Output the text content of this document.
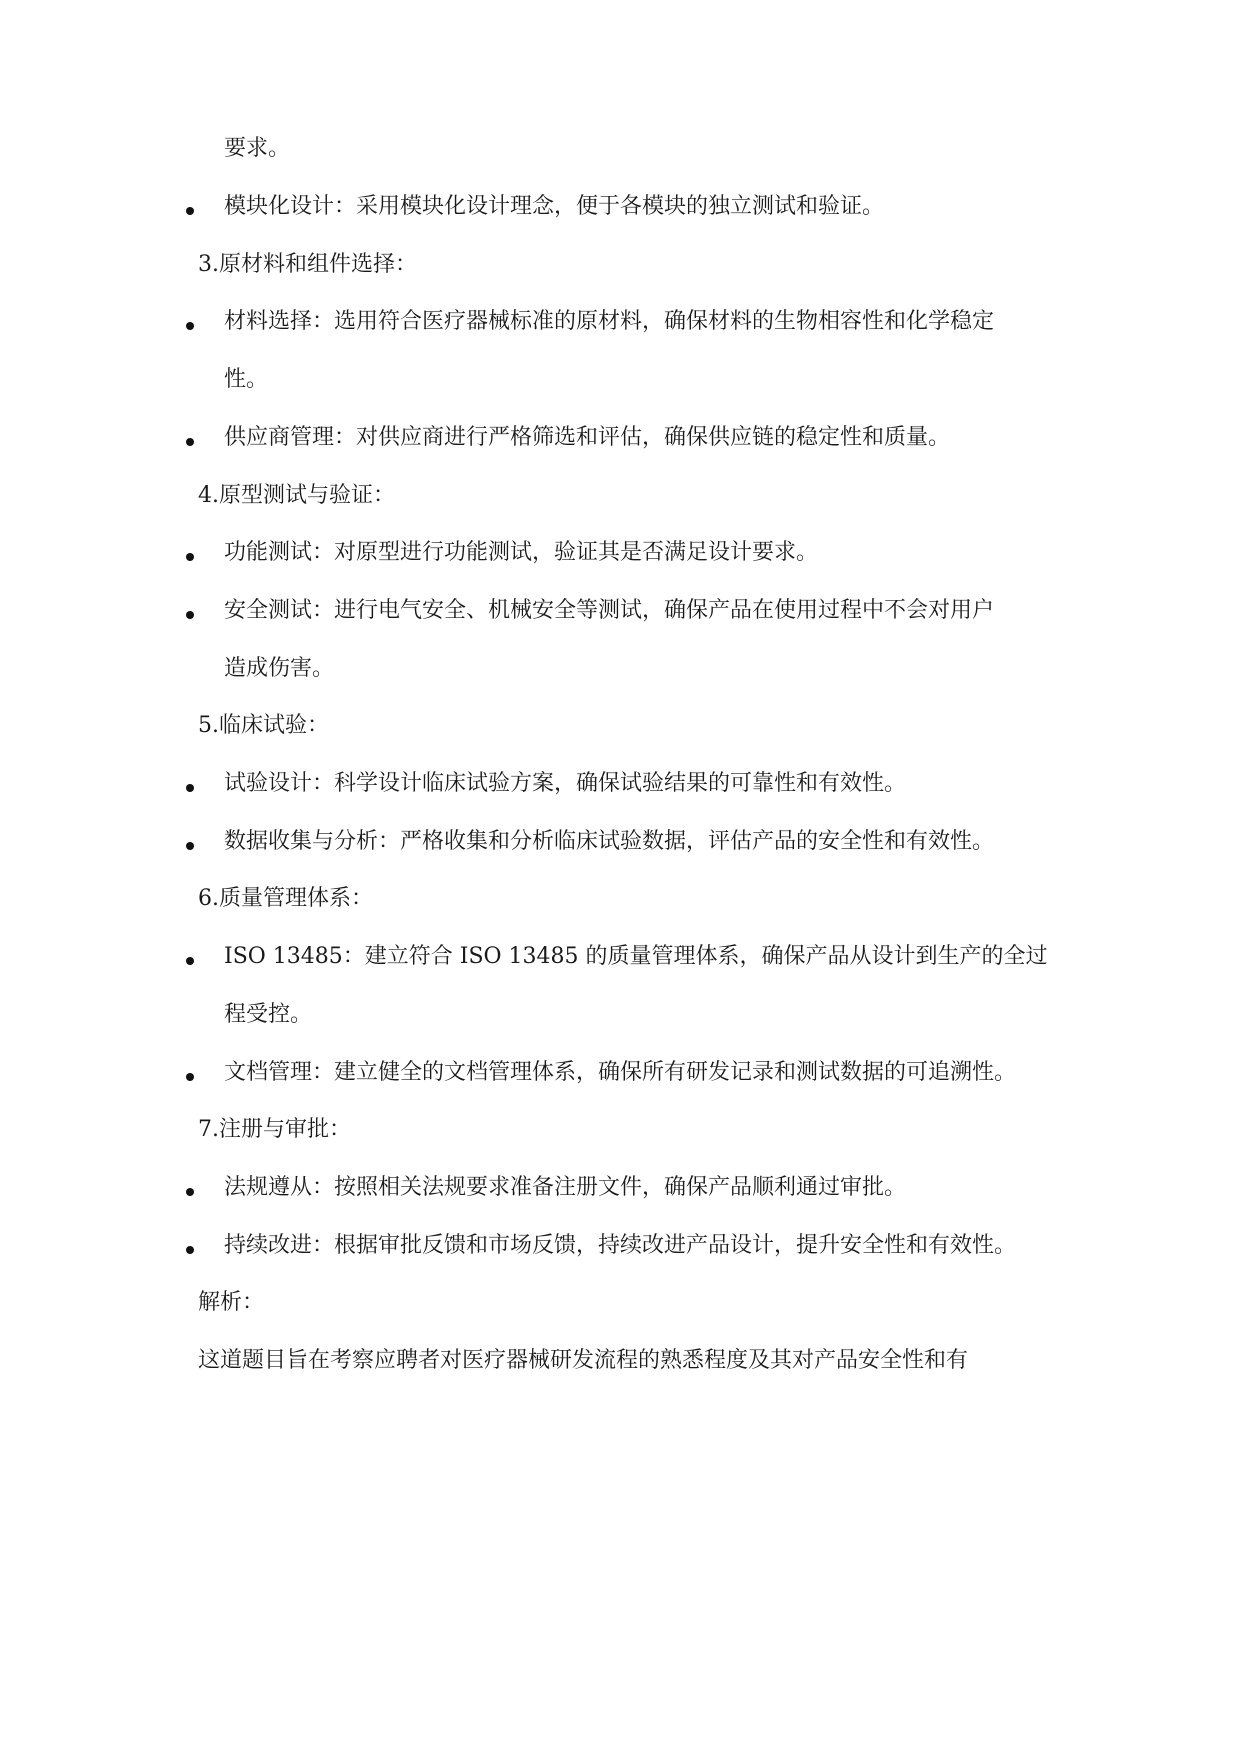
要求。
模块化设计：采用模块化设计理念，便于各模块的独立测试和验证。
3.原材料和组件选择：
材料选择：选用符合医疗器械标准的原材料，确保材料的生物相容性和化学稳定
性。
供应商管理：对供应商进行严格筛选和评估，确保供应链的稳定性和质量。
4.原型测试与验证：
功能测试：对原型进行功能测试，验证其是否满足设计要求。
安全测试：进行电气安全、机械安全等测试，确保产品在使用过程中不会对用户
造成伤害。
5.临床试验：
试验设计：科学设计临床试验方案，确保试验结果的可靠性和有效性。
数据收集与分析：严格收集和分析临床试验数据，评估产品的安全性和有效性。
6.质量管理体系：
ISO 13485：建立符合 ISO 13485 的质量管理体系，确保产品从设计到生产的全过
程受控。
文档管理：建立健全的文档管理体系，确保所有研发记录和测试数据的可追溯性。
7.注册与审批：
法规遵从：按照相关法规要求准备注册文件，确保产品顺利通过审批。
持续改进：根据审批反馈和市场反馈，持续改进产品设计，提升安全性和有效性。
解析：
这道题目旨在考察应聘者对医疗器械研发流程的熟悉程度及其对产品安全性和有
